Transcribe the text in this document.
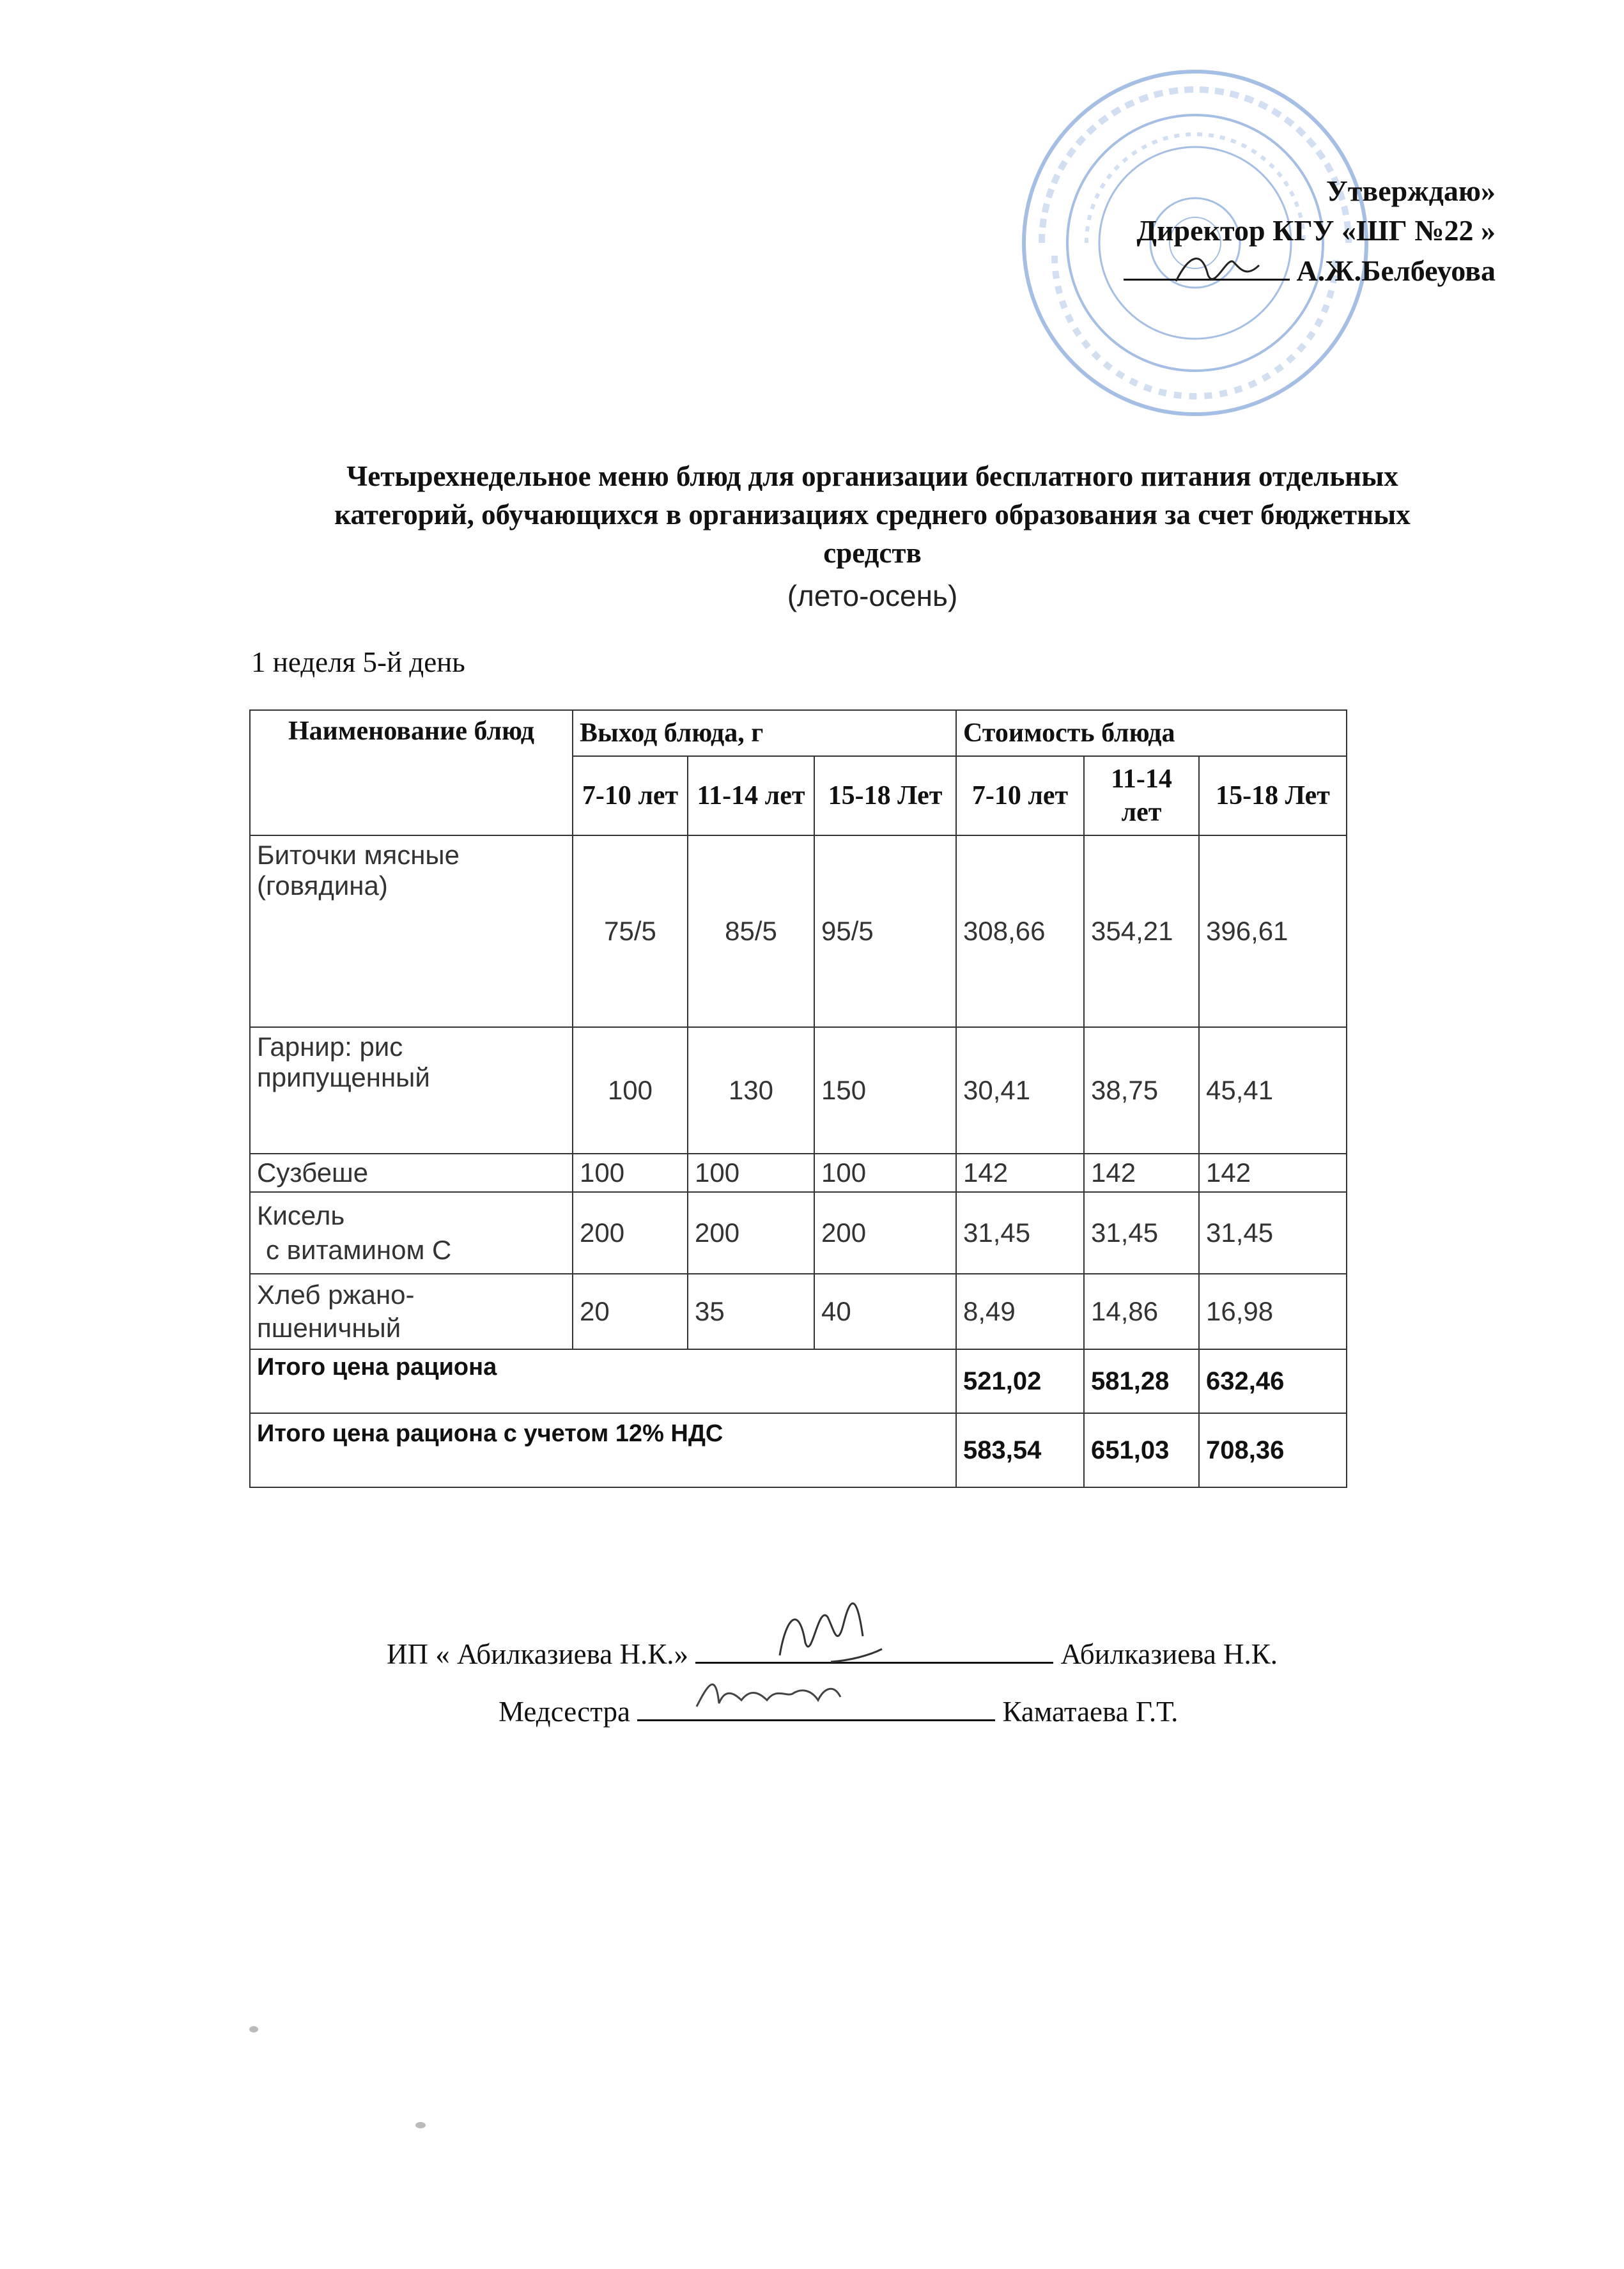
Утверждаю»
Директор КГУ «ШГ №22 »
А.Ж.Белбеуова
Четырехнедельное меню блюд для организации бесплатного питания отдельных
категорий, обучающихся в организациях среднего образования за счет бюджетных
средств
(лето-осень)
1 неделя 5-й день
Наименование блюд	Выход блюда, г			Стоимость блюда		
	7-10 лет	11-14 лет	15-18 Лет	7-10 лет	11-14 лет	15-18 Лет
Биточки мясные (говядина)	75/5	85/5	95/5	308,66	354,21	396,61
Гарнир: рис припущенный	100	130	150	30,41	38,75	45,41
Сузбеше	100	100	100	142	142	142

Кисель
с витамином С	200	200	200	31,45	31,45	31,45

Хлеб ржано-
пшеничный	20	35	40	8,49	14,86	16,98
Итого цена рациона				521,02	581,28	632,46
Итого цена рациона с учетом 12% НДС				583,54	651,03	708,36
ИП « Абилказиева Н.К.»	Абилказиева Н.К.
Медсестра	Каматаева Г.Т.
